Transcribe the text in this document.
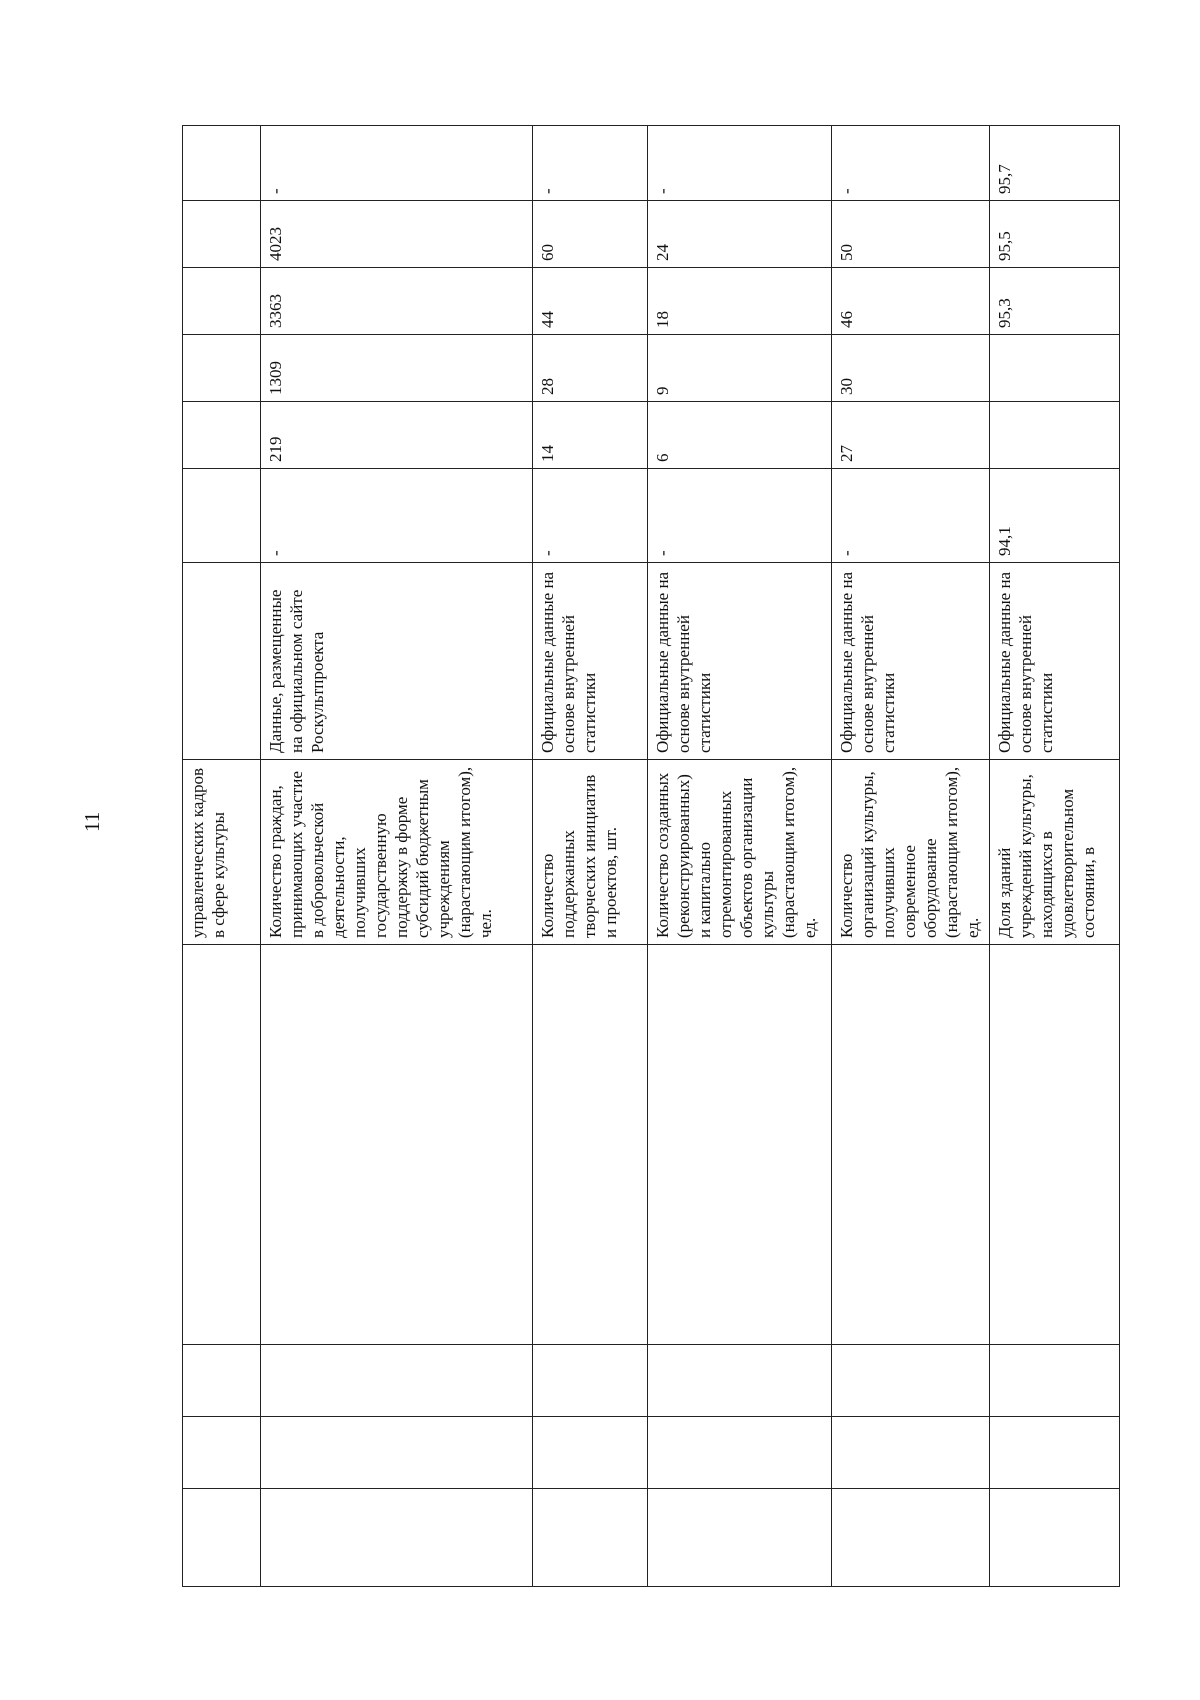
11	управленческих кадров в сфере культуры	Количество граждан, принимающих участие в добровольческой деятельности, получивших государственную поддержку в форме субсидий бюджетным учреждениям (нарастающим итогом), чел.
Данные, размещенные на официальном сайте Роскультпроекта
-
219
1309
3363
4023
-
Количество поддержанных творческих инициатив и проектов, шт.
Официальные данные на основе внутренней статистики
-
14
28
44
60
-
Количество созданных (реконструированных) и капитально отремонтированных объектов организации культуры (нарастающим итогом), ед.
Официальные данные на основе внутренней статистики
-
6
9
18
24
-
Количество организаций культуры, получивших современное оборудование (нарастающим итогом), ед.
Официальные данные на основе внутренней статистики
-
27
30
46
50
-
Доля зданий учреждений культуры, находящихся в удовлетворительном состоянии, в
Официальные данные на основе внутренней статистики
94,1
95,3
95,5
95,7
